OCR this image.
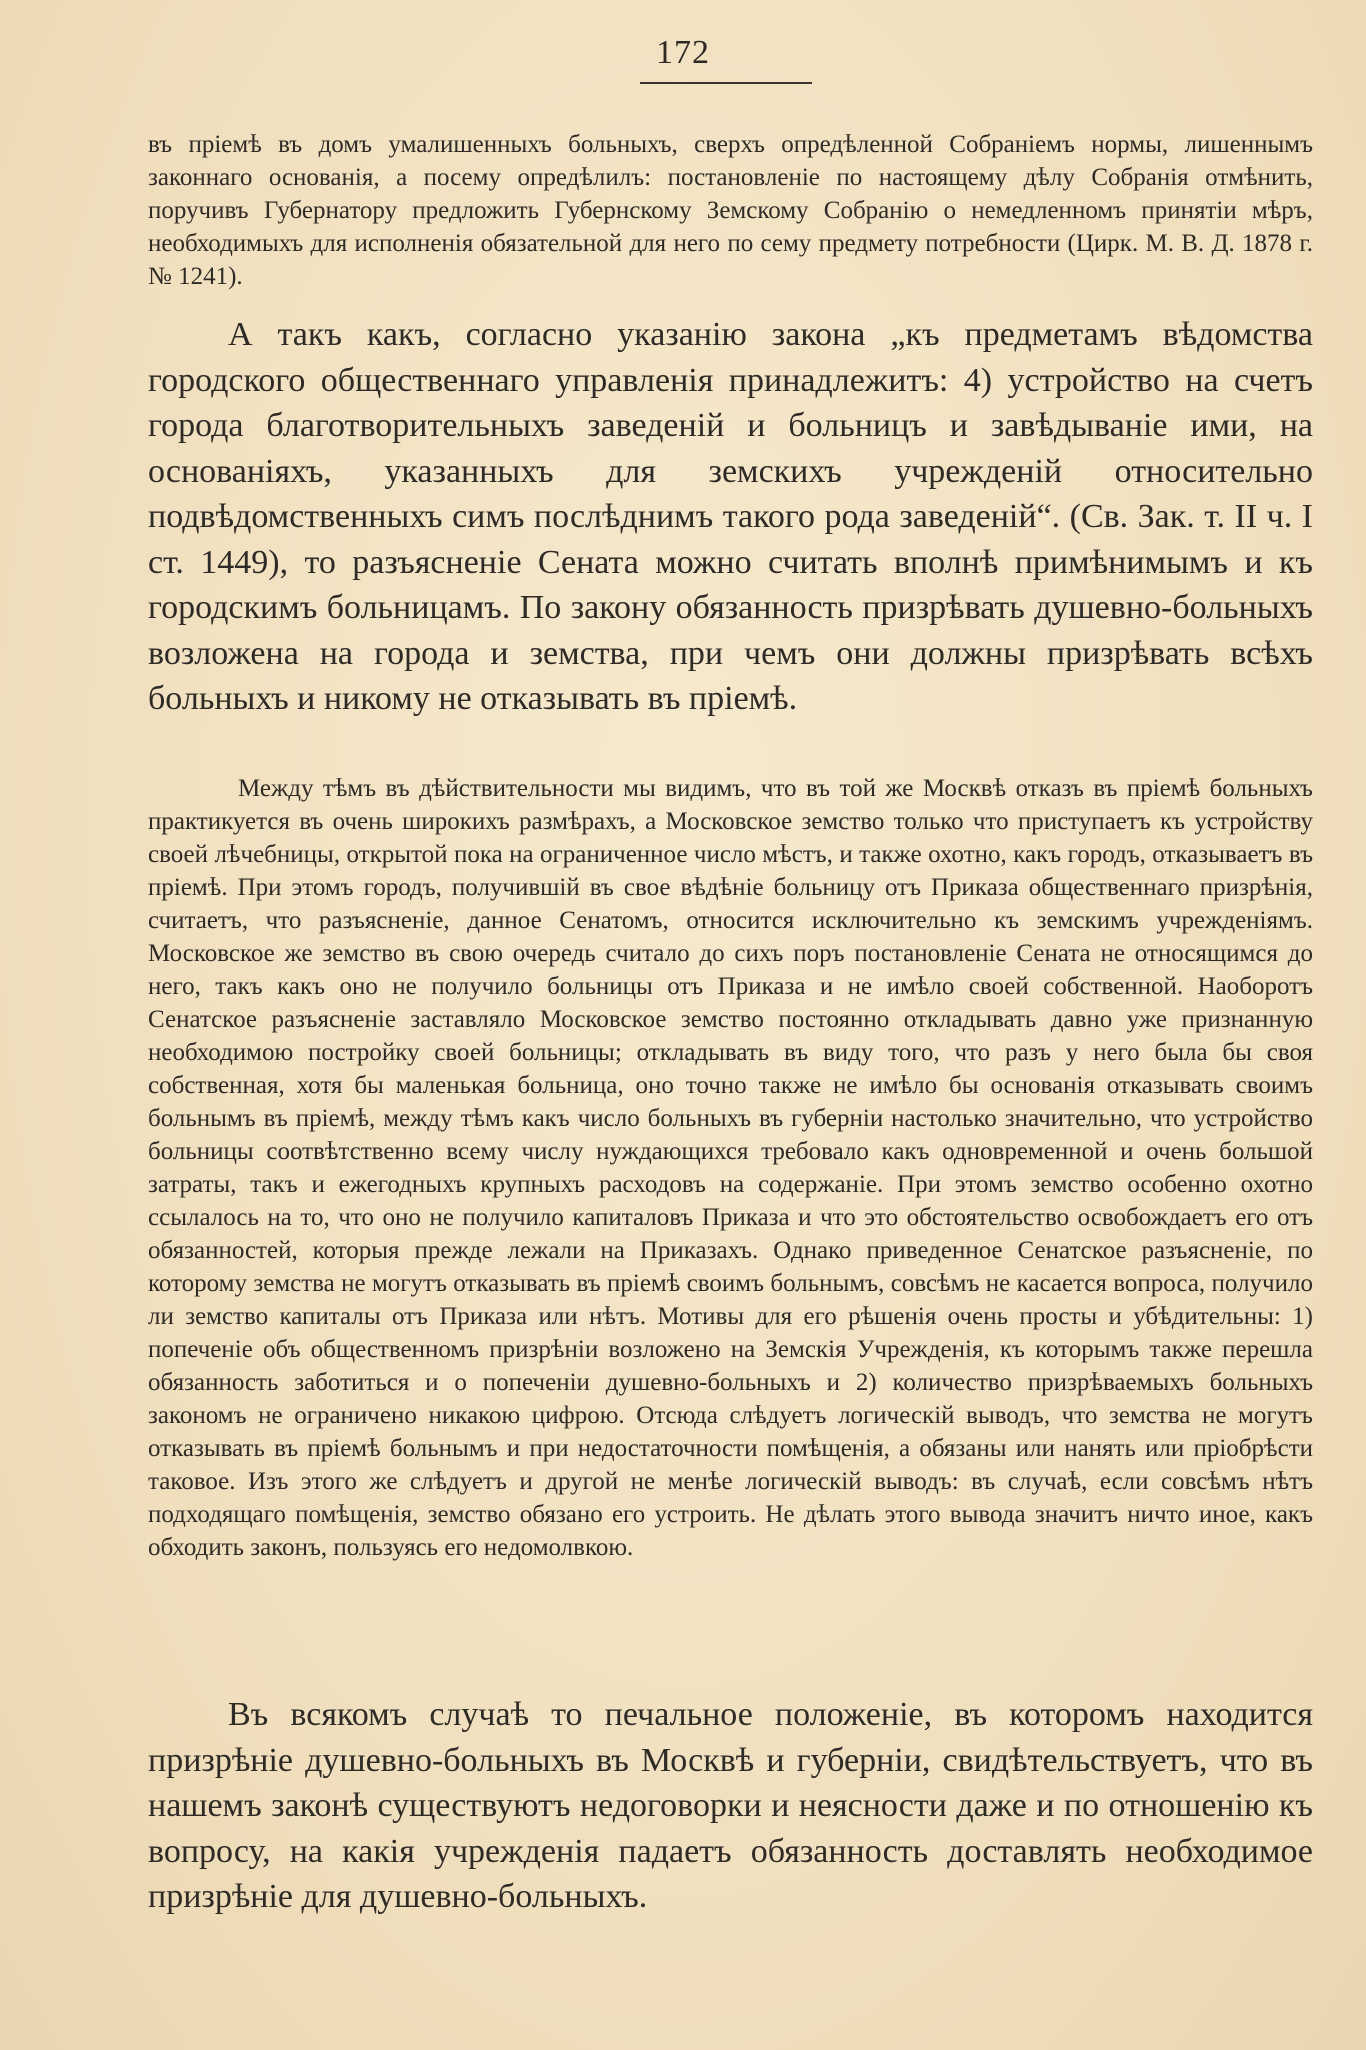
172

въ пріемѣ въ домъ умалишенныхъ больныхъ, сверхъ опредѣленной Собраніемъ нормы, лишеннымъ законнаго основанія, а посему опредѣлилъ: постановленіе по настоящему дѣлу Собранія отмѣнить, поручивъ Губернатору предложить Губернскому Земскому Собранію о немедленномъ принятіи мѣръ, необходимыхъ для исполненія обязательной для него по сему предмету потребности (Цирк. М. В. Д. 1878 г. № 1241).

А такъ какъ, согласно указанію закона „къ предметамъ вѣдомства городского общественнаго управленія принадлежитъ: 4) устройство на счетъ города благотворительныхъ заведеній и больницъ и завѣдываніе ими, на основаніяхъ, указанныхъ для земскихъ учрежденій относительно подвѣдомственныхъ симъ послѣднимъ такого рода заведеній“. (Св. Зак. т. II ч. I ст. 1449), то разъясненіе Сената можно считать вполнѣ примѣнимымъ и къ городскимъ больницамъ. По закону обязанность призрѣвать душевно-больныхъ возложена на города и земства, при чемъ они должны призрѣвать всѣхъ больныхъ и никому не отказывать въ пріемѣ.

Между тѣмъ въ дѣйствительности мы видимъ, что въ той же Москвѣ отказъ въ пріемѣ больныхъ практикуется въ очень широкихъ размѣрахъ, а Московское земство только что приступаетъ къ устройству своей лѣчебницы, открытой пока на ограниченное число мѣстъ, и также охотно, какъ городъ, отказываетъ въ пріемѣ. При этомъ городъ, получившій въ свое вѣдѣніе больницу отъ Приказа общественнаго призрѣнія, считаетъ, что разъясненіе, данное Сенатомъ, относится исключительно къ земскимъ учрежденіямъ. Московское же земство въ свою очередь считало до сихъ поръ постановленіе Сената не относящимся до него, такъ какъ оно не получило больницы отъ Приказа и не имѣло своей собственной. Наоборотъ Сенатское разъясненіе заставляло Московское земство постоянно откладывать давно уже признанную необходимою постройку своей больницы; откладывать въ виду того, что разъ у него была бы своя собственная, хотя бы маленькая больница, оно точно также не имѣло бы основанія отказывать своимъ больнымъ въ пріемѣ, между тѣмъ какъ число больныхъ въ губерніи настолько значительно, что устройство больницы соотвѣтственно всему числу нуждающихся требовало какъ одновременной и очень большой затраты, такъ и ежегодныхъ крупныхъ расходовъ на содержаніе. При этомъ земство особенно охотно ссылалось на то, что оно не получило капиталовъ Приказа и что это обстоятельство освобождаетъ его отъ обязанностей, которыя прежде лежали на Приказахъ. Однако приведенное Сенатское разъясненіе, по которому земства не могутъ отказывать въ пріемѣ своимъ больнымъ, совсѣмъ не касается вопроса, получило ли земство капиталы отъ Приказа или нѣтъ. Мотивы для его рѣшенія очень просты и убѣдительны: 1) попеченіе объ общественномъ призрѣніи возложено на Земскія Учрежденія, къ которымъ также перешла обязанность заботиться и о попеченіи душевно-больныхъ и 2) количество призрѣваемыхъ больныхъ закономъ не ограничено никакою цифрою. Отсюда слѣдуетъ логическій выводъ, что земства не могутъ отказывать въ пріемѣ больнымъ и при недостаточности помѣщенія, а обязаны или нанять или пріобрѣсти таковое. Изъ этого же слѣдуетъ и другой не менѣе логическій выводъ: въ случаѣ, если совсѣмъ нѣтъ подходящаго помѣщенія, земство обязано его устроить. Не дѣлать этого вывода значитъ ничто иное, какъ обходить законъ, пользуясь его недомолвкою.

Въ всякомъ случаѣ то печальное положеніе, въ которомъ находится призрѣніе душевно-больныхъ въ Москвѣ и губерніи, свидѣтельствуетъ, что въ нашемъ законѣ существуютъ недоговорки и неясности даже и по отношенію къ вопросу, на какія учрежденія падаетъ обязанность доставлять необходимое призрѣніе для душевно-больныхъ.
